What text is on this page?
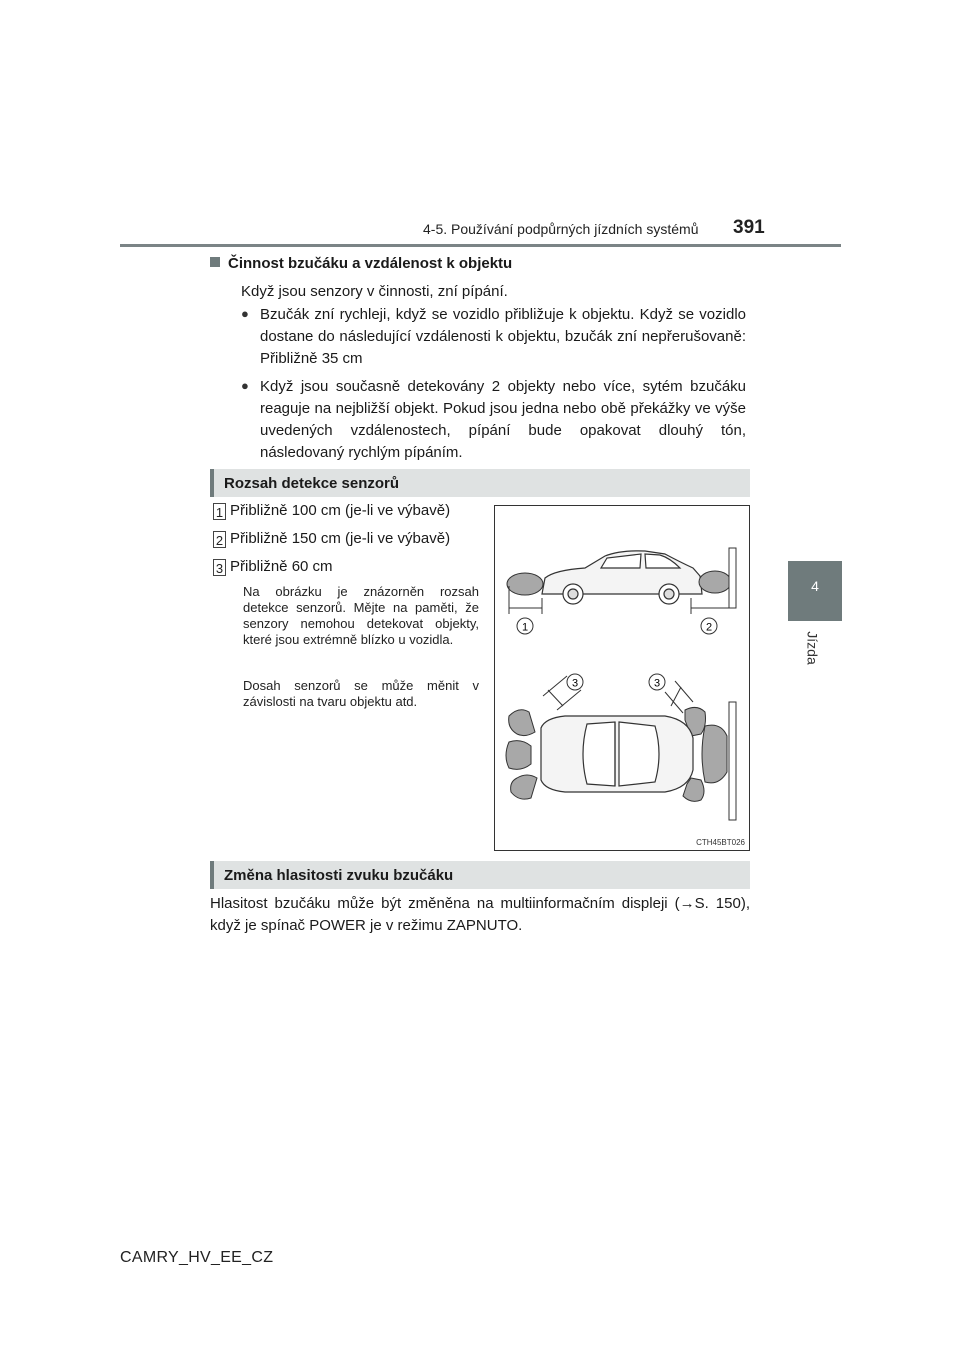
4-5. Používání podpůrných jízdních systémů 391
4
Jízda
Činnost bzučáku a vzdálenost k objektu
Když jsou senzory v činnosti, zní pípání.
● Bzučák zní rychleji, když se vozidlo přibližuje k objektu. Když se vozidlo dostane do následující vzdálenosti k objektu, bzučák zní nepřerušovaně: Přibližně 35 cm
● Když jsou současně detekovány 2 objekty nebo více, sytém bzučáku reaguje na nejbližší objekt. Pokud jsou jedna nebo obě překážky ve výše uvedených vzdálenostech, pípání bude opakovat dlouhý tón, následovaný rychlým pípáním.
Rozsah detekce senzorů
1 Přibližně 100 cm (je-li ve výbavě)
2 Přibližně 150 cm (je-li ve výbavě)
3 Přibližně 60 cm
Na obrázku je znázorněn rozsah detekce senzorů. Mějte na paměti, že senzory nemohou detekovat objekty, které jsou extrémně blízko u vozidla.
Dosah senzorů se může měnit v závislosti na tvaru objektu atd.
1	2
3	3
CTH45BT026
Změna hlasitosti zvuku bzučáku
Hlasitost bzučáku může být změněna na multiinformačním displeji (→S. 150), když je spínač POWER je v režimu ZAPNUTO.
CAMRY_HV_EE_CZ
